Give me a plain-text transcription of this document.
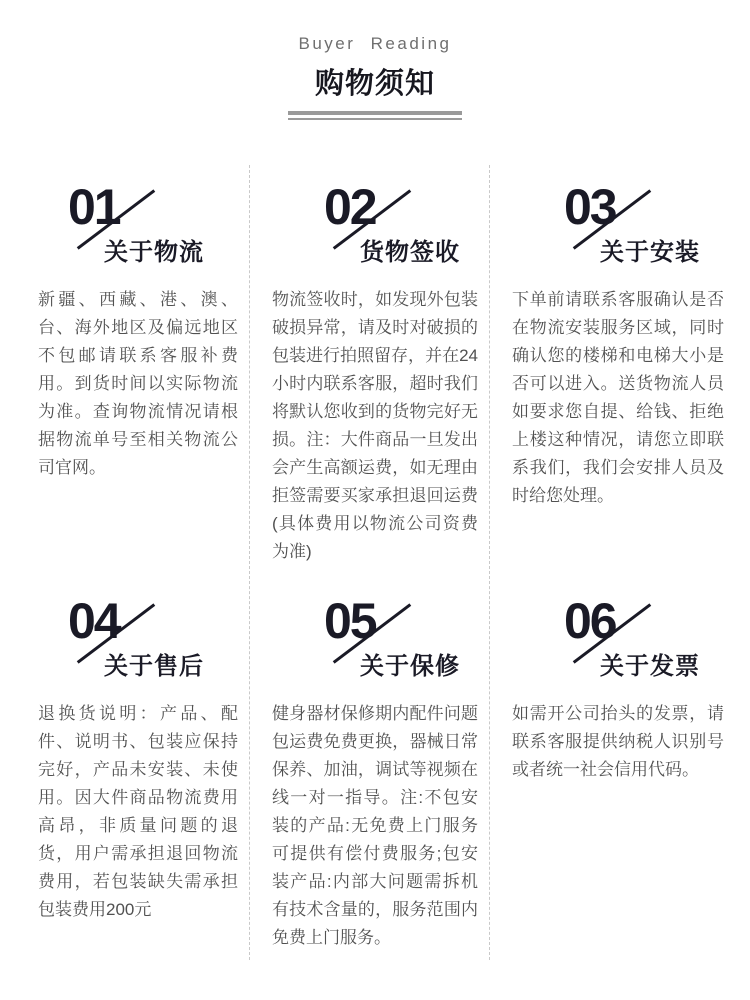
Buyer Reading
购物须知
01
关于物流

新疆、西藏、港、澳、台、海外地区及偏远地区不包邮请联系客服补费用。到货时间以实际物流为准。查询物流情况请根据物流单号至相关物流公司官网。

02
货物签收

物流签收时，如发现外包装破损异常，请及时对破损的包装进行拍照留存，并在24小时内联系客服，超时我们将默认您收到的货物完好无损。注：大件商品一旦发出会产生高额运费，如无理由拒签需要买家承担退回运费(具体费用以物流公司资费为准)

03
关于安装

下单前请联系客服确认是否在物流安装服务区域，同时确认您的楼梯和电梯大小是否可以进入。送货物流人员如要求您自提、给钱、拒绝上楼这种情况，请您立即联系我们，我们会安排人员及时给您处理。

04
关于售后

退换货说明：产品、配件、说明书、包装应保持完好，产品未安装、未使用。因大件商品物流费用高昂，非质量问题的退货，用户需承担退回物流费用，若包装缺失需承担包装费用200元

05
关于保修

健身器材保修期内配件问题包运费免费更换，器械日常保养、加油，调试等视频在线一对一指导。注:不包安装的产品:无免费上门服务可提供有偿付费服务;包安装产品:内部大问题需拆机有技术含量的，服务范围内免费上门服务。

06
关于发票

如需开公司抬头的发票，请联系客服提供纳税人识别号或者统一社会信用代码。
